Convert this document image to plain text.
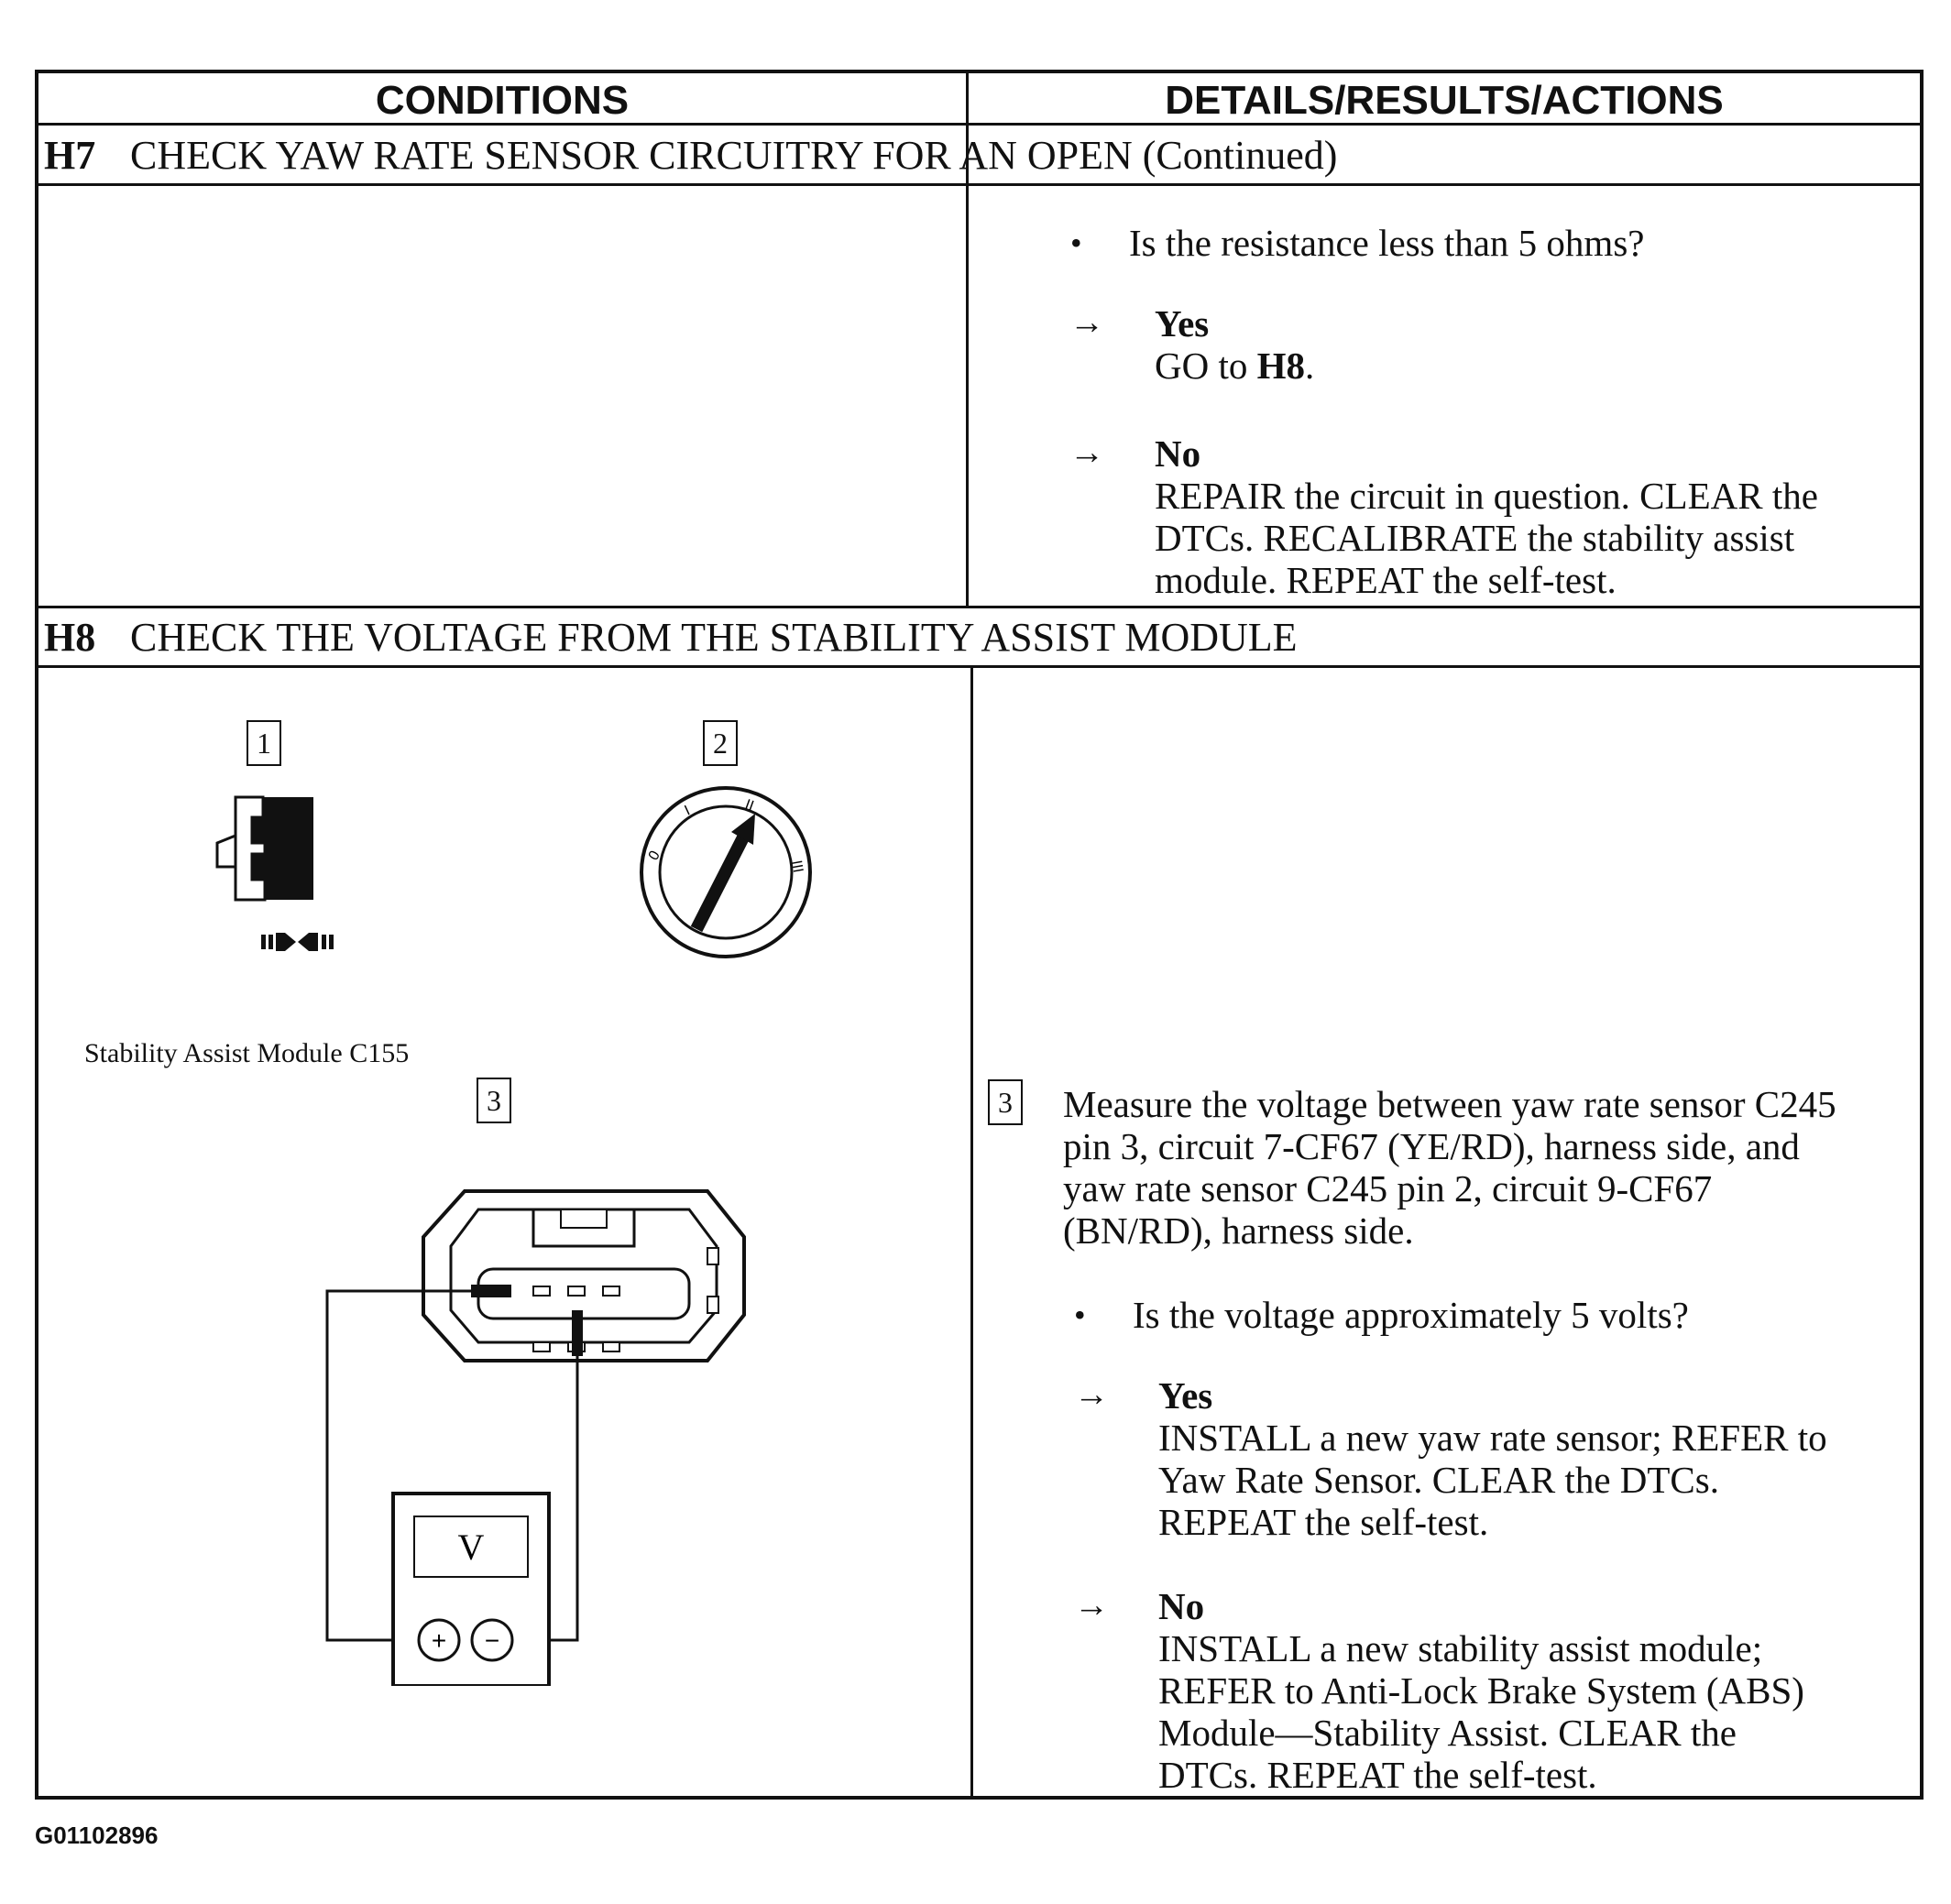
CONDITIONS	DETAILS/RESULTS/ACTIONS
H7 CHECK YAW RATE SENSOR CIRCUITRY FOR AN OPEN (Continued)
• Is the resistance less than 5 ohms?
→ Yes
GO to H8.
→ No
REPAIR the circuit in question. CLEAR the
DTCs. RECALIBRATE the stability assist
module. REPEAT the self-test.
H8 CHECK THE VOLTAGE FROM THE STABILITY ASSIST MODULE
1
Stability Assist Module C155
2
0
I	II
III
3
V
+ −
3 Measure the voltage between yaw rate sensor C245
pin 3, circuit 7-CF67 (YE/RD), harness side, and
yaw rate sensor C245 pin 2, circuit 9-CF67
(BN/RD), harness side.
• Is the voltage approximately 5 volts?
→ Yes
INSTALL a new yaw rate sensor; REFER to
Yaw Rate Sensor. CLEAR the DTCs.
REPEAT the self-test.
→ No
INSTALL a new stability assist module;
REFER to Anti-Lock Brake System (ABS)
Module—Stability Assist. CLEAR the
DTCs. REPEAT the self-test.
G01102896
